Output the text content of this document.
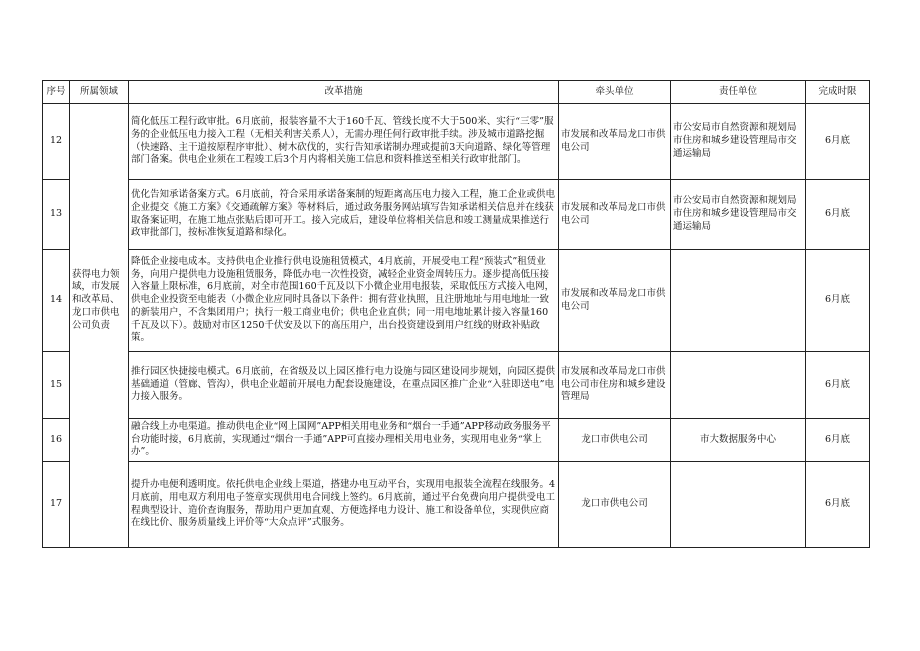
序号	所属领域	改革措施	牵头单位	责任单位	完成时限
12		简化低压工程行政审批。6月底前，报装容量不大于160千瓦、管线长度不大于500米、实行“三零”服务的企业低压电力接入工程（无相关利害关系人），无需办理任何行政审批手续。涉及城市道路挖掘（快速路、主干道按原程序审批）、树木砍伐的，实行告知承诺制办理或提前3天向道路、绿化等管理部门备案。供电企业须在工程竣工后3个月内将相关施工信息和资料推送至相关行政审批部门。	市发展和改革局龙口市供电公司	市公安局市自然资源和规划局市住房和城乡建设管理局市交通运输局	6月底
13		优化告知承诺备案方式。6月底前，符合采用承诺备案制的短距离高压电力接入工程，施工企业或供电企业提交《施工方案》《交通疏解方案》等材料后，通过政务服务网站填写告知承诺相关信息并在线获取备案证明，在施工地点张贴后即可开工。接入完成后，建设单位将相关信息和竣工测量成果推送行政审批部门，按标准恢复道路和绿化。	市发展和改革局龙口市供电公司	市公安局市自然资源和规划局市住房和城乡建设管理局市交通运输局	6月底
14	获得电力领域，市发展和改革局、龙口市供电公司负责	降低企业接电成本。支持供电企业推行供电设施租赁模式，4月底前，开展受电工程“预装式”租赁业务，向用户提供电力设施租赁服务，降低办电一次性投资，减轻企业资金周转压力。逐步提高低压接入容量上限标准，6月底前，对全市范围160千瓦及以下小微企业用电报装，采取低压方式接入电网，供电企业投资至电能表（小微企业应同时具备以下条件：拥有营业执照，且注册地址与用电地址一致的新装用户，不含集团用户；执行一般工商业电价；供电企业直供；同一用电地址累计接入容量160千瓦及以下）。鼓励对市区1250千伏安及以下的高压用户，出台投资建设到用户红线的财政补贴政策。	市发展和改革局龙口市供电公司		6月底
15		推行园区快捷接电模式。6月底前，在省级及以上园区推行电力设施与园区建设同步规划，向园区提供基础通道（管廊、管沟），供电企业超前开展电力配套设施建设，在重点园区推广企业“入驻即送电”电力接入服务。	市发展和改革局龙口市供电公司市住房和城乡建设管理局		6月底
16		融合线上办电渠道。推动供电企业“网上国网”APP相关用电业务和“烟台一手通”APP移动政务服务平台功能时接，6月底前，实现通过“烟台一手通”APP可直接办理相关用电业务，实现用电业务“掌上办”。	龙口市供电公司	市大数据服务中心	6月底
17		提升办电便利透明度。依托供电企业线上渠道，搭建办电互动平台，实现用电报装全流程在线服务。4月底前，用电双方利用电子签章实现供用电合同线上签约。6月底前，通过平台免费向用户提供受电工程典型设计、造价查询服务，帮助用户更加直观、方便选择电力设计、施工和设备单位，实现供应商在线比价、服务质量线上评价等“大众点评”式服务。	龙口市供电公司		6月底
